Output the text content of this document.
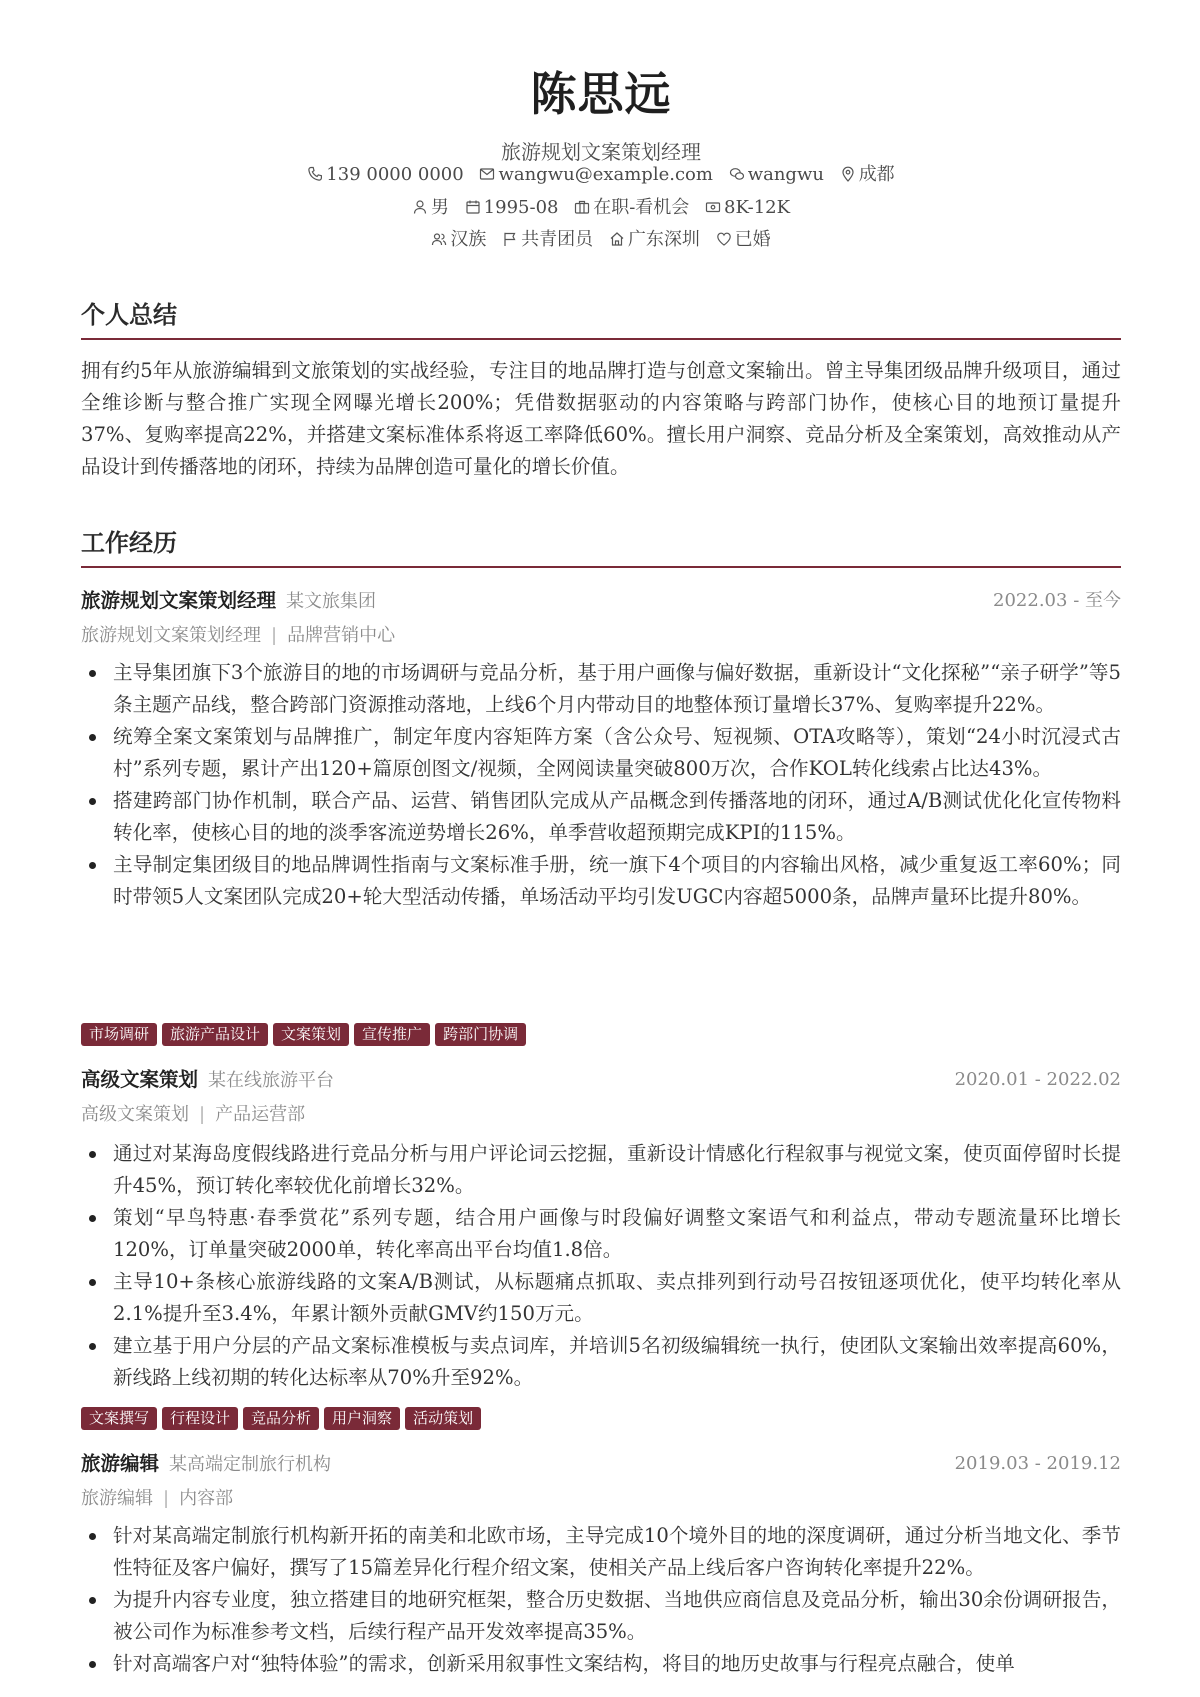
陈思远
旅游规划文案策划经理
139 0000 0000 wangwu@example.com wangwu 成都
男 1995-08 在职-看机会 8K-12K
汉族 共青团员 广东深圳 已婚
个人总结
拥有约5年从旅游编辑到文旅策划的实战经验，专注目的地品牌打造与创意文案输出。曾主导集团级品牌升级项目，通过全维诊断与整合推广实现全网曝光增长200%；凭借数据驱动的内容策略与跨部门协作，使核心目的地预订量提升37%、复购率提高22%，并搭建文案标准体系将返工率降低60%。擅长用户洞察、竞品分析及全案策划，高效推动从产品设计到传播落地的闭环，持续为品牌创造可量化的增长价值。
工作经历
旅游规划文案策划经理 某文旅集团	2022.03 - 至今
旅游规划文案策划经理 | 品牌营销中心
主导集团旗下3个旅游目的地的市场调研与竞品分析，基于用户画像与偏好数据，重新设计“文化探秘”“亲子研学”等5条主题产品线，整合跨部门资源推动落地，上线6个月内带动目的地整体预订量增长37%、复购率提升22%。
统筹全案文案策划与品牌推广，制定年度内容矩阵方案（含公众号、短视频、OTA攻略等），策划“24小时沉浸式古村”系列专题，累计产出120+篇原创图文/视频，全网阅读量突破800万次，合作KOL转化线索占比达43%。
搭建跨部门协作机制，联合产品、运营、销售团队完成从产品概念到传播落地的闭环，通过A/B测试优化化宣传物料转化率，使核心目的地的淡季客流逆势增长26%，单季营收超预期完成KPI的115%。
主导制定集团级目的地品牌调性指南与文案标准手册，统一旗下4个项目的内容输出风格，减少重复返工率60%；同时带领5人文案团队完成20+轮大型活动传播，单场活动平均引发UGC内容超5000条，品牌声量环比提升80%。
市场调研 旅游产品设计 文案策划 宣传推广 跨部门协调
高级文案策划 某在线旅游平台	2020.01 - 2022.02
高级文案策划 | 产品运营部
通过对某海岛度假线路进行竞品分析与用户评论词云挖掘，重新设计情感化行程叙事与视觉文案，使页面停留时长提升45%，预订转化率较优化前增长32%。
策划“早鸟特惠·春季赏花”系列专题，结合用户画像与时段偏好调整文案语气和利益点，带动专题流量环比增长120%，订单量突破2000单，转化率高出平台均值1.8倍。
主导10+条核心旅游线路的文案A/B测试，从标题痛点抓取、卖点排列到行动号召按钮逐项优化，使平均转化率从2.1%提升至3.4%，年累计额外贡献GMV约150万元。
建立基于用户分层的产品文案标准模板与卖点词库，并培训5名初级编辑统一执行，使团队文案输出效率提高60%，新线路上线初期的转化达标率从70%升至92%。
文案撰写 行程设计 竞品分析 用户洞察 活动策划
旅游编辑 某高端定制旅行机构	2019.03 - 2019.12
旅游编辑 | 内容部
针对某高端定制旅行机构新开拓的南美和北欧市场，主导完成10个境外目的地的深度调研，通过分析当地文化、季节性特征及客户偏好，撰写了15篇差异化行程介绍文案，使相关产品上线后客户咨询转化率提升22%。
为提升内容专业度，独立搭建目的地研究框架，整合历史数据、当地供应商信息及竞品分析，输出30余份调研报告，被公司作为标准参考文档，后续行程产品开发效率提高35%。
针对高端客户对“独特体验”的需求，创新采用叙事性文案结构，将目的地历史故事与行程亮点融合，使单
